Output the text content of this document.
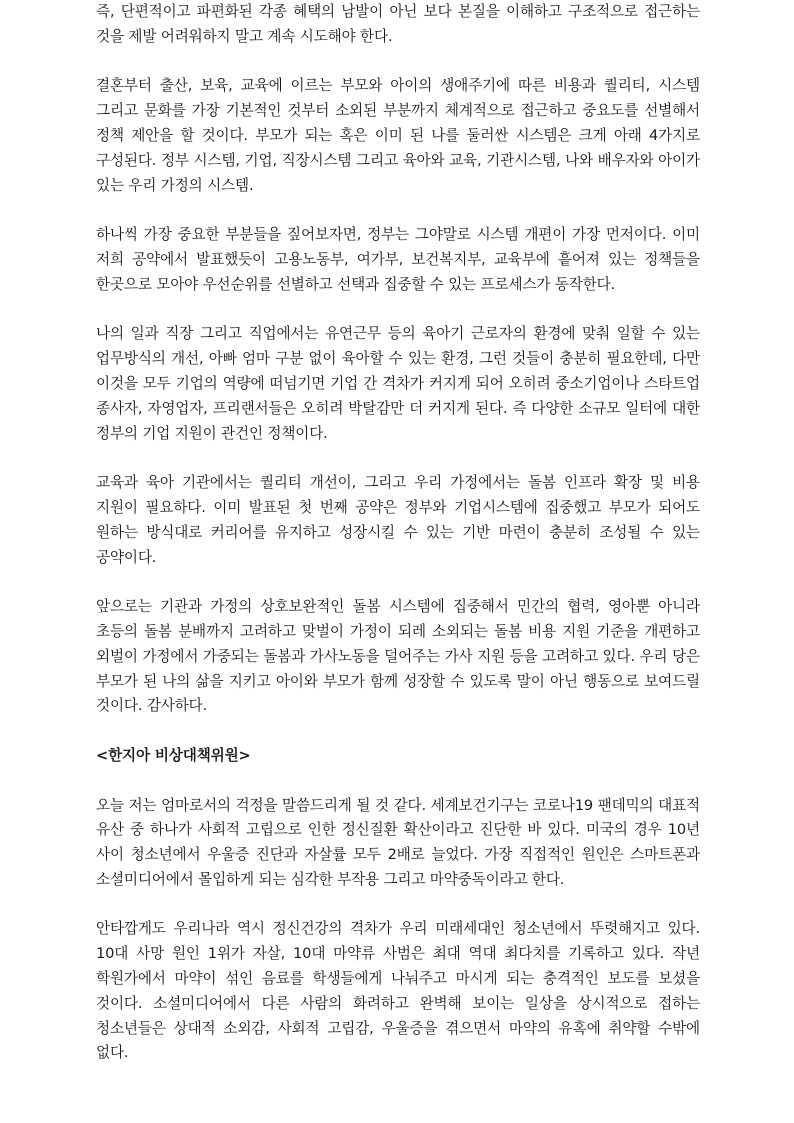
즉, 단편적이고 파편화된 각종 혜택의 남발이 아닌 보다 본질을 이해하고 구조적으로 접근하는 것을 제발 어려워하지 말고 계속 시도해야 한다.

결혼부터 출산, 보육, 교육에 이르는 부모와 아이의 생애주기에 따른 비용과 퀄리티, 시스템 그리고 문화를 가장 기본적인 것부터 소외된 부분까지 체계적으로 접근하고 중요도를 선별해서 정책 제안을 할 것이다. 부모가 되는 혹은 이미 된 나를 둘러싼 시스템은 크게 아래 4가지로 구성된다. 정부 시스템, 기업, 직장시스템 그리고 육아와 교육, 기관시스템, 나와 배우자와 아이가 있는 우리 가정의 시스템.

하나씩 가장 중요한 부분들을 짚어보자면, 정부는 그야말로 시스템 개편이 가장 먼저이다. 이미 저희 공약에서 발표했듯이 고용노동부, 여가부, 보건복지부, 교육부에 흩어져 있는 정책들을 한곳으로 모아야 우선순위를 선별하고 선택과 집중할 수 있는 프로세스가 동작한다.

나의 일과 직장 그리고 직업에서는 유연근무 등의 육아기 근로자의 환경에 맞춰 일할 수 있는 업무방식의 개선, 아빠 엄마 구분 없이 육아할 수 있는 환경, 그런 것들이 충분히 필요한데, 다만 이것을 모두 기업의 역량에 떠넘기면 기업 간 격차가 커지게 되어 오히려 중소기업이나 스타트업 종사자, 자영업자, 프리랜서들은 오히려 박탈감만 더 커지게 된다. 즉 다양한 소규모 일터에 대한 정부의 기업 지원이 관건인 정책이다.

교육과 육아 기관에서는 퀄리티 개선이, 그리고 우리 가정에서는 돌봄 인프라 확장 및 비용 지원이 필요하다. 이미 발표된 첫 번째 공약은 정부와 기업시스템에 집중했고 부모가 되어도 원하는 방식대로 커리어를 유지하고 성장시킬 수 있는 기반 마련이 충분히 조성될 수 있는 공약이다.

앞으로는 기관과 가정의 상호보완적인 돌봄 시스템에 집중해서 민간의 협력, 영아뿐 아니라 초등의 돌봄 분배까지 고려하고 맞벌이 가정이 되레 소외되는 돌봄 비용 지원 기준을 개편하고 외벌이 가정에서 가중되는 돌봄과 가사노동을 덜어주는 가사 지원 등을 고려하고 있다. 우리 당은 부모가 된 나의 삶을 지키고 아이와 부모가 함께 성장할 수 있도록 말이 아닌 행동으로 보여드릴 것이다. 감사하다.

<한지아 비상대책위원>

오늘 저는 엄마로서의 걱정을 말씀드리게 될 것 같다. 세계보건기구는 코로나19 팬데믹의 대표적 유산 중 하나가 사회적 고립으로 인한 정신질환 확산이라고 진단한 바 있다. 미국의 경우 10년 사이 청소년에서 우울증 진단과 자살률 모두 2배로 늘었다. 가장 직접적인 원인은 스마트폰과 소셜미디어에서 몰입하게 되는 심각한 부작용 그리고 마약중독이라고 한다.

안타깝게도 우리나라 역시 정신건강의 격차가 우리 미래세대인 청소년에서 뚜렷해지고 있다. 10대 사망 원인 1위가 자살, 10대 마약류 사범은 최대 역대 최다치를 기록하고 있다. 작년 학원가에서 마약이 섞인 음료를 학생들에게 나눠주고 마시게 되는 충격적인 보도를 보셨을 것이다. 소셜미디어에서 다른 사람의 화려하고 완벽해 보이는 일상을 상시적으로 접하는 청소년들은 상대적 소외감, 사회적 고립감, 우울증을 겪으면서 마약의 유혹에 취약할 수밖에 없다.
